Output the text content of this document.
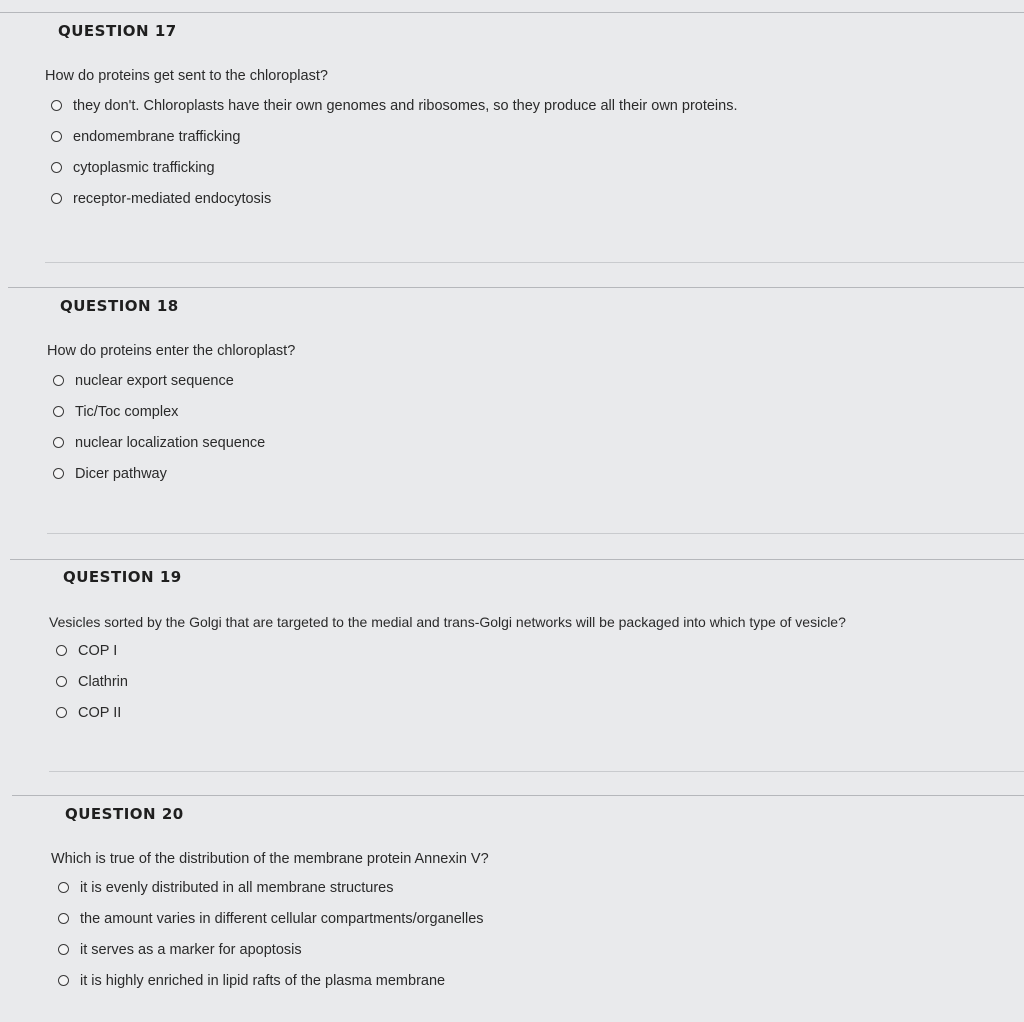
QUESTION 17

How do proteins get sent to the chloroplast?

they don't. Chloroplasts have their own genomes and ribosomes, so they produce all their own proteins.
endomembrane trafficking
cytoplasmic trafficking
receptor-mediated endocytosis

QUESTION 18

How do proteins enter the chloroplast?

nuclear export sequence
Tic/Toc complex
nuclear localization sequence
Dicer pathway

QUESTION 19

Vesicles sorted by the Golgi that are targeted to the medial and trans-Golgi networks will be packaged into which type of vesicle?

COP I
Clathrin
COP II

QUESTION 20

Which is true of the distribution of the membrane protein Annexin V?

it is evenly distributed in all membrane structures
the amount varies in different cellular compartments/organelles
it serves as a marker for apoptosis
it is highly enriched in lipid rafts of the plasma membrane
